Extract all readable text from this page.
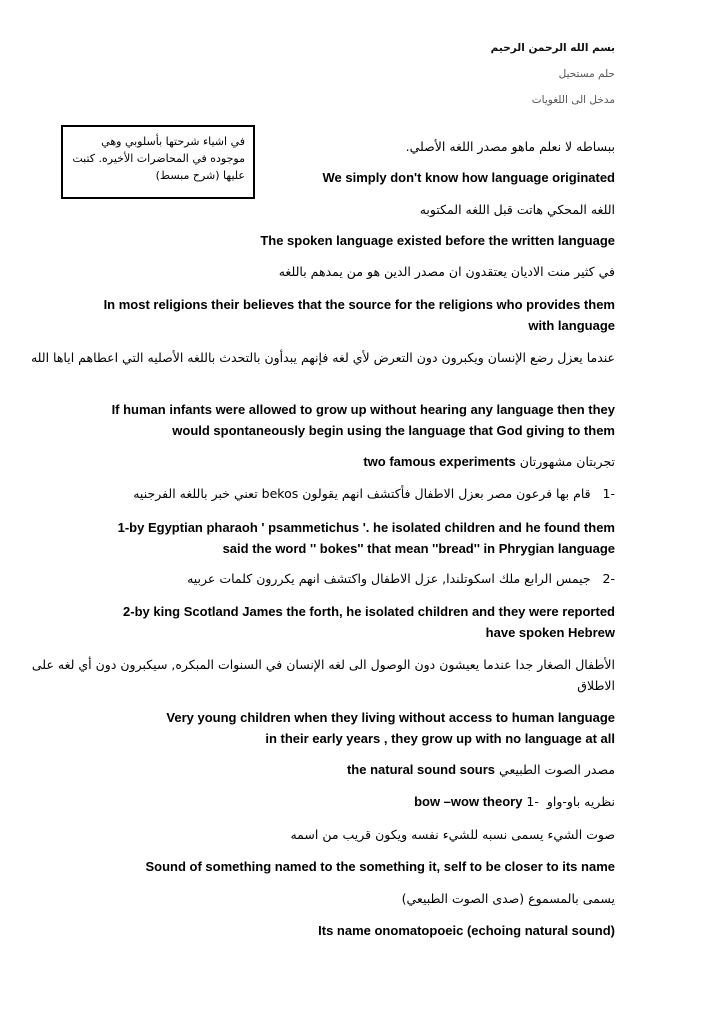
بسم الله الرحمن الرحيم
حلم مستحيل
مدخل الى اللغويات

في اشياء شرحتها بأسلوبي وهي موجوده في المحاضرات الأخيره. كتبت عليها (شرح مبسط)

ببساطه لا نعلم ماهو مصدر اللغه الأصلي.
We simply don't know how language originated
اللغه المحكي هاتت قبل اللغه المكتوبه
The spoken language existed before the written language
في كثير منت الاديان يعتقدون ان مصدر الدين هو من يمدهم باللغه
In most religions their believes that the source for the religions who provides them with language
عندما يعزل رضع الإنسان ويكبرون دون التعرض لأي لغه فإنهم يبدأون بالتحدث باللغه الأصليه التي اعطاهم اياها الله
If human infants were allowed to grow up without hearing any language then they would spontaneously begin using the language that God giving to them
two famous experiments تجربتان مشهورتان
-1   قام بها فرعون مصر بعزل الاطفال فأكتشف انهم يقولون bekos تعني خبر باللغه الفرجنيه
1-by Egyptian pharaoh ' psammetichus '. he isolated children and he found them said the word '' bokes'' that mean ''bread'' in Phrygian language
-2   جيمس الرابع ملك اسكوتلندا, عزل الاطفال واكتشف انهم يكررون كلمات عربيه
2-by king Scotland James the forth, he isolated children and they were reported have spoken Hebrew
الأطفال الصغار جدا عندما يعيشون دون الوصول الى لغه الإنسان في السنوات المبكره, سيكبرون دون أي لغه على الاطلاق
Very young children when they living without access to human language in their early years , they grow up with no language at all
the natural sound sours مصدر الصوت الطبيعي
bow –wow theory نظريه باو-واو  -1
صوت الشيء يسمى نسبه للشيء نفسه ويكون قريب من اسمه
Sound of something named to the something it, self to be closer to its name
يسمى بالمسموع (صدى الصوت الطبيعي)
Its name onomatopoeic (echoing natural sound)
